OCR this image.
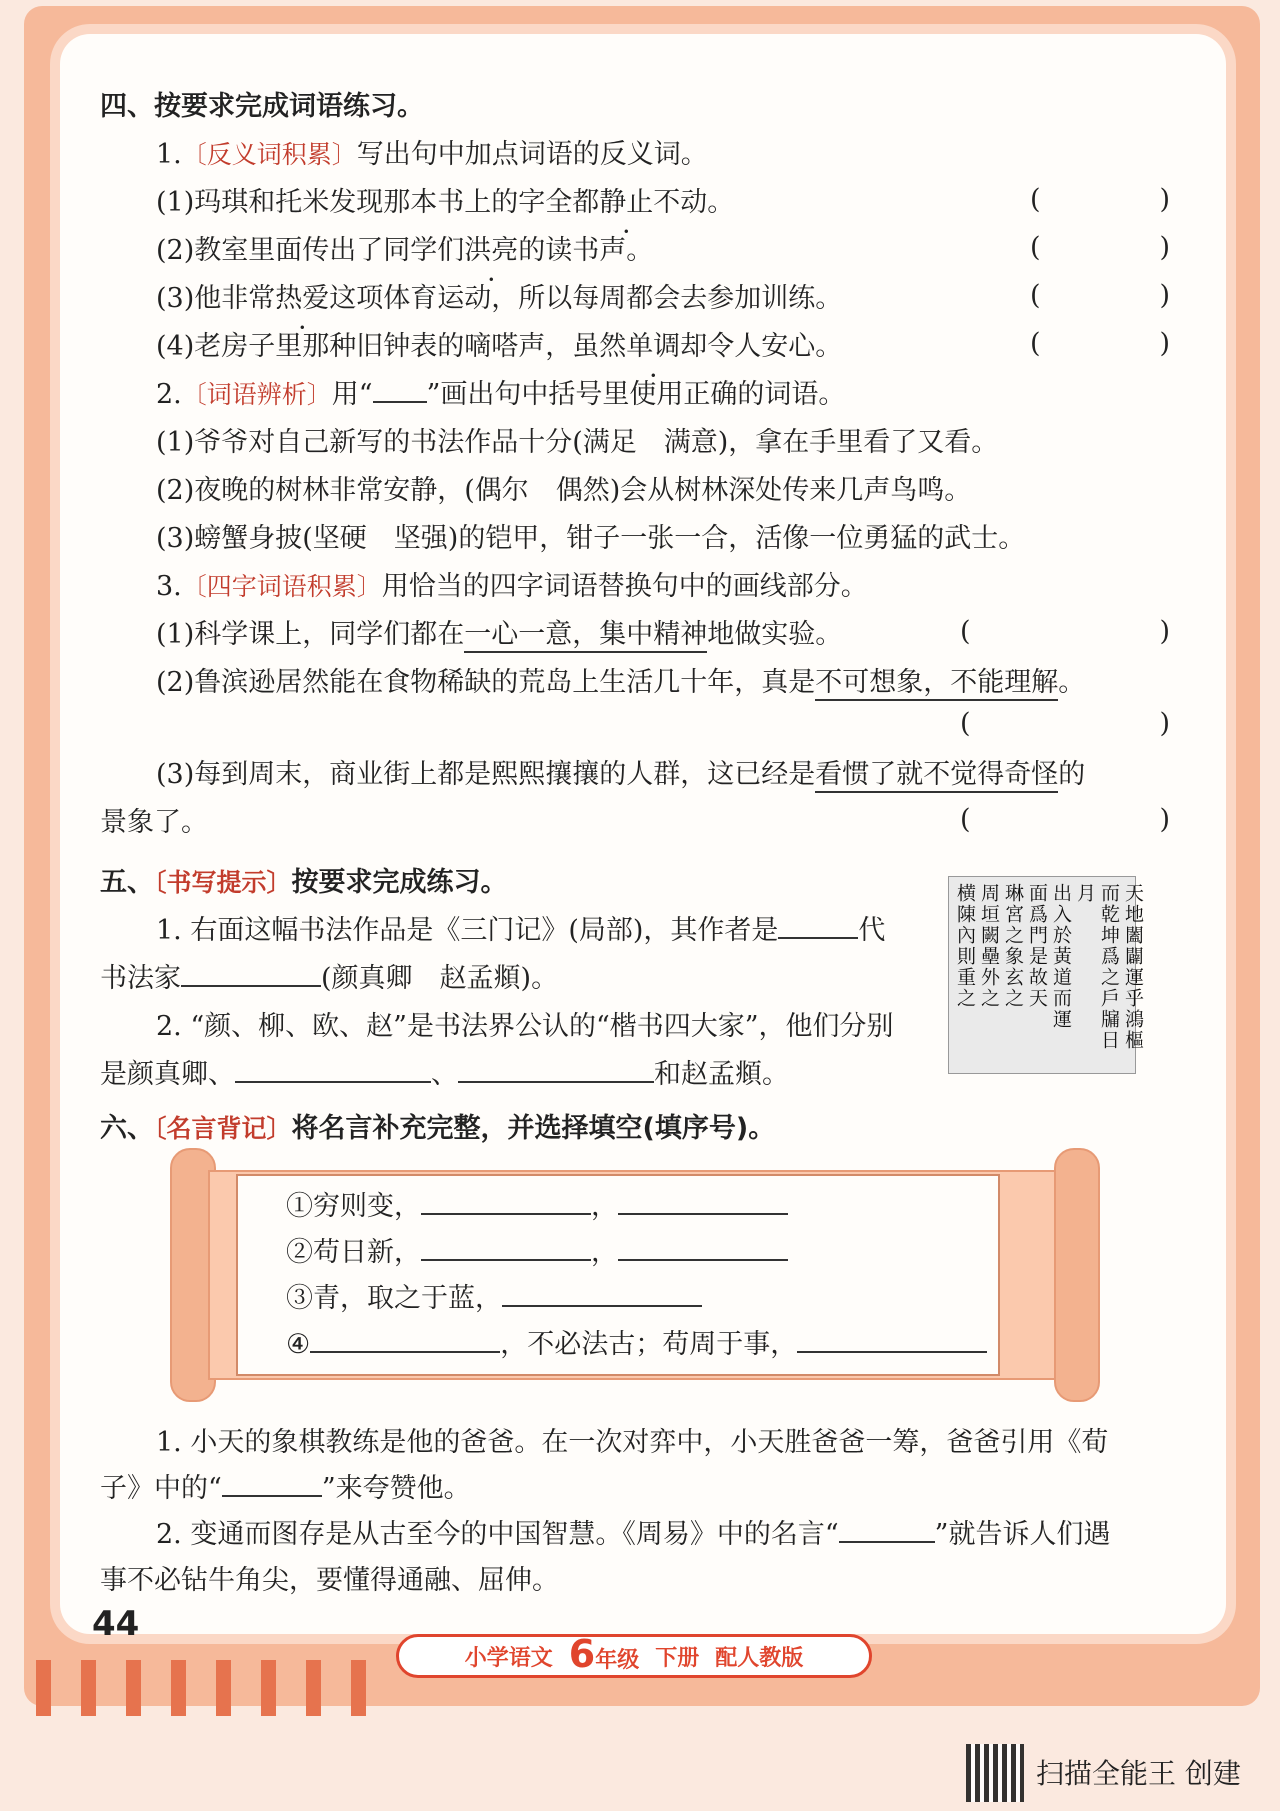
四、按要求完成词语练习。
1.〔反义词积累〕写出句中加点词语的反义词。
(1)玛琪和托米发现那本书上的字全都静止不动。	(	)
(2)教室里面传出了同学们洪亮的读书声。	(	)
(3)他非常热爱这项体育运动，所以每周都会去参加训练。	(	)
(4)老房子里那种旧钟表的嘀嗒声，虽然单调却令人安心。	(	)
2.〔词语辨析〕用“ ”画出句中括号里使用正确的词语。
(1)爷爷对自己新写的书法作品十分(满足　满意)，拿在手里看了又看。
(2)夜晚的树林非常安静，(偶尔　偶然)会从树林深处传来几声鸟鸣。
(3)螃蟹身披(坚硬　坚强)的铠甲，钳子一张一合，活像一位勇猛的武士。
3.〔四字词语积累〕用恰当的四字词语替换句中的画线部分。
(1)科学课上，同学们都在一心一意，集中精神地做实验。	(	)
(2)鲁滨逊居然能在食物稀缺的荒岛上生活几十年，真是不可想象，不能理解。
(	)
(3)每到周末，商业街上都是熙熙攘攘的人群，这已经是看惯了就不觉得奇怪的
景象了。	(	)
五、〔书写提示〕按要求完成练习。
1. 右面这幅书法作品是《三门记》(局部)，其作者是	代
书法家	(颜真卿　赵孟頫)。
2. “颜、柳、欧、赵”是书法界公认的“楷书四大家”，他们分别
是颜真卿、	、	和赵孟頫。
六、〔名言背记〕将名言补充完整，并选择填空(填序号)。
天地闔闢運乎鴻樞
而乾坤爲之戶牖日月
出入於黃道而運
面爲門是故天
琳宮之象玄之
周垣闕壘外之
横陳內則重之
①穷则变，	，
②苟日新，	，
③青，取之于蓝，
④	，不必法古；苟周于事，
1. 小天的象棋教练是他的爸爸。在一次对弈中，小天胜爸爸一筹，爸爸引用《荀
子》中的“	”来夸赞他。
2. 变通而图存是从古至今的中国智慧。《周易》中的名言“	”就告诉人们遇
事不必钻牛角尖，要懂得通融、屈伸。
44
小学语文 6年级 下册 配人教版
扫描全能王 创建
